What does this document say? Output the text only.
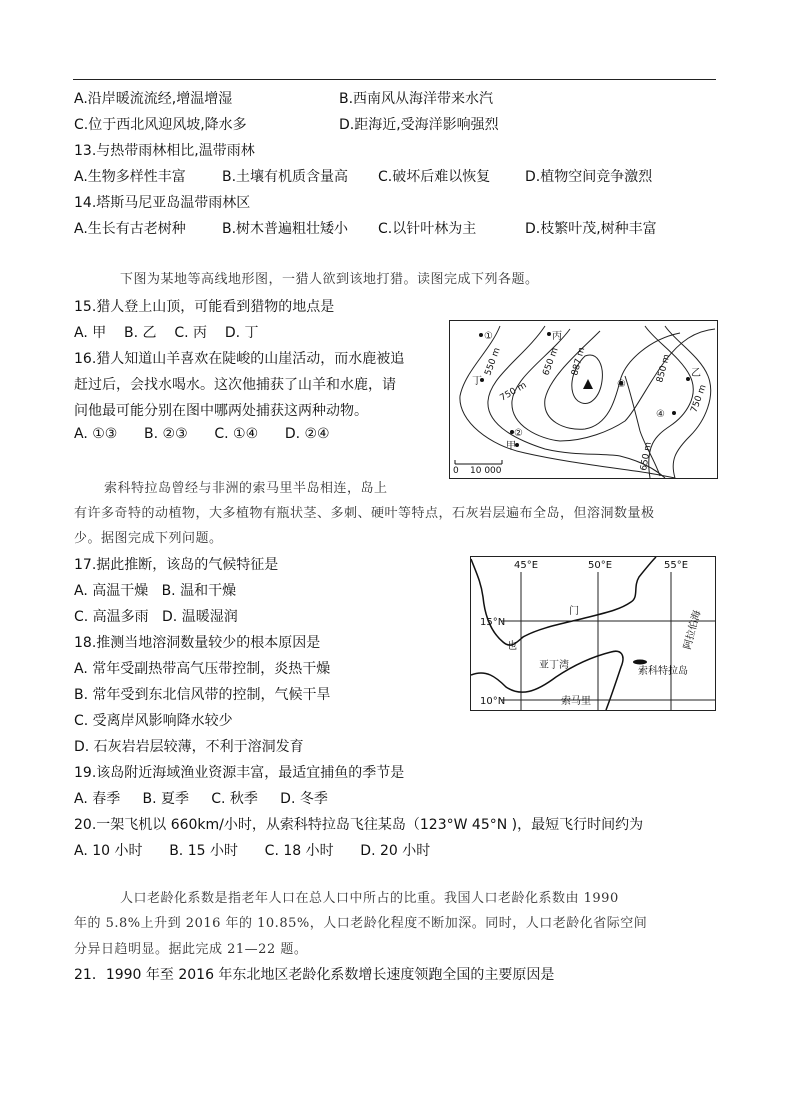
A.沿岸暖流流经,增温增湿	B.西南风从海洋带来水汽
C.位于西北风迎风坡,降水多	D.距海近,受海洋影响强烈
13.与热带雨林相比,温带雨林
A.生物多样性丰富	B.土壤有机质含量高 C.破坏后难以恢复 D.植物空间竞争激烈
14.塔斯马尼亚岛温带雨林区
A.生长有古老树种	B.树木普遍粗壮矮小 C.以针叶林为主	D.枝繁叶茂,树种丰富
下图为某地等高线地形图，一猎人欲到该地打猎。读图完成下列各题。
15.猎人登上山顶，可能看到猎物的地点是
A. 甲    B. 乙    C. 丙    D. 丁
16.猎人知道山羊喜欢在陡峻的山崖活动，而水鹿被追
赶过后，会找水喝水。这次他捕获了山羊和水鹿，请
问他最可能分别在图中哪两处捕获这两种动物。
A. ①③      B. ②③      C. ①④      D. ②④
①	丙
丁
②
甲
③
④
乙
550 m	650 m
750 m
887 m	850 m
750 m
650 m
0 10 000
索科特拉岛曾经与非洲的索马里半岛相连，岛上
有许多奇特的动植物，大多植物有瓶状茎、多刺、硬叶等特点，石灰岩层遍布全岛，但溶洞数量极
少。据图完成下列问题。
17.据此推断，该岛的气候特征是
A. 高温干燥   B. 温和干燥
C. 高温多雨   D. 温暖湿润
18.推测当地溶洞数量较少的根本原因是
A. 常年受副热带高气压带控制，炎热干燥
B. 常年受到东北信风带的控制，气候干旱
C. 受离岸风影响降水较少
D. 石灰岩岩层较薄，不利于溶洞发育
45°E	50°E	55°E
15°N
10°N
门
也	阿拉伯海
亚丁湾
索科特拉岛
索马里
19.该岛附近海域渔业资源丰富，最适宜捕鱼的季节是
A. 春季     B. 夏季     C. 秋季     D. 冬季
20.一架飞机以 660km/小时，从索科特拉岛飞往某岛（123°W 45°N )，最短飞行时间约为
A. 10 小时      B. 15 小时      C. 18 小时      D. 20 小时
人口老龄化系数是指老年人口在总人口中所占的比重。我国人口老龄化系数由 1990
年的 5.8%上升到 2016 年的 10.85%，人口老龄化程度不断加深。同时，人口老龄化省际空间
分异日趋明显。据此完成 21—22 题。
21．1990 年至 2016 年东北地区老龄化系数增长速度领跑全国的主要原因是
